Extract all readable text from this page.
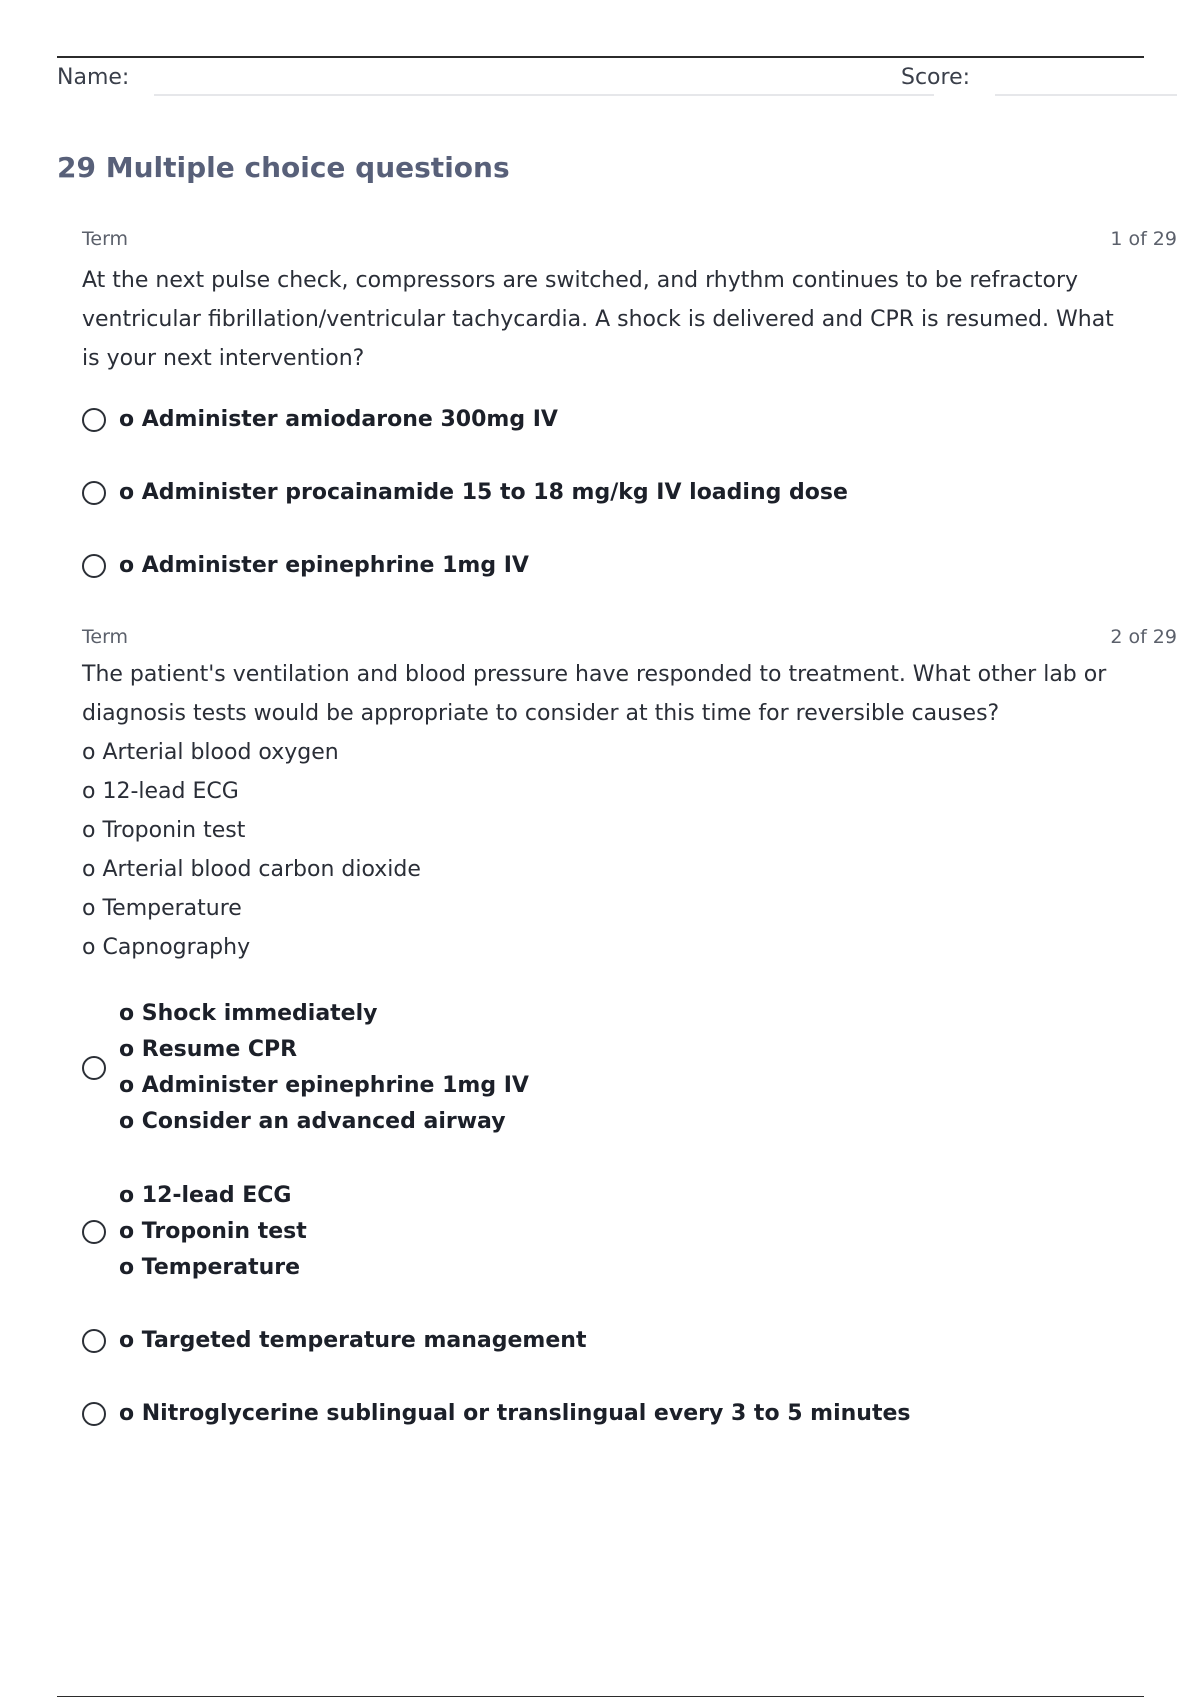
Name:	Score:
29 Multiple choice questions
Term	1 of 29
At the next pulse check, compressors are switched, and rhythm continues to be refractory ventricular fibrillation/ventricular tachycardia. A shock is delivered and CPR is resumed. What is your next intervention?
o Administer amiodarone 300mg IV
o Administer procainamide 15 to 18 mg/kg IV loading dose
o Administer epinephrine 1mg IV
Term	2 of 29
The patient's ventilation and blood pressure have responded to treatment. What other lab or diagnosis tests would be appropriate to consider at this time for reversible causes?
o Arterial blood oxygen
o 12-lead ECG
o Troponin test
o Arterial blood carbon dioxide
o Temperature
o Capnography
o Shock immediately
o Resume CPR
o Administer epinephrine 1mg IV
o Consider an advanced airway
o 12-lead ECG
o Troponin test
o Temperature
o Targeted temperature management
o Nitroglycerine sublingual or translingual every 3 to 5 minutes
